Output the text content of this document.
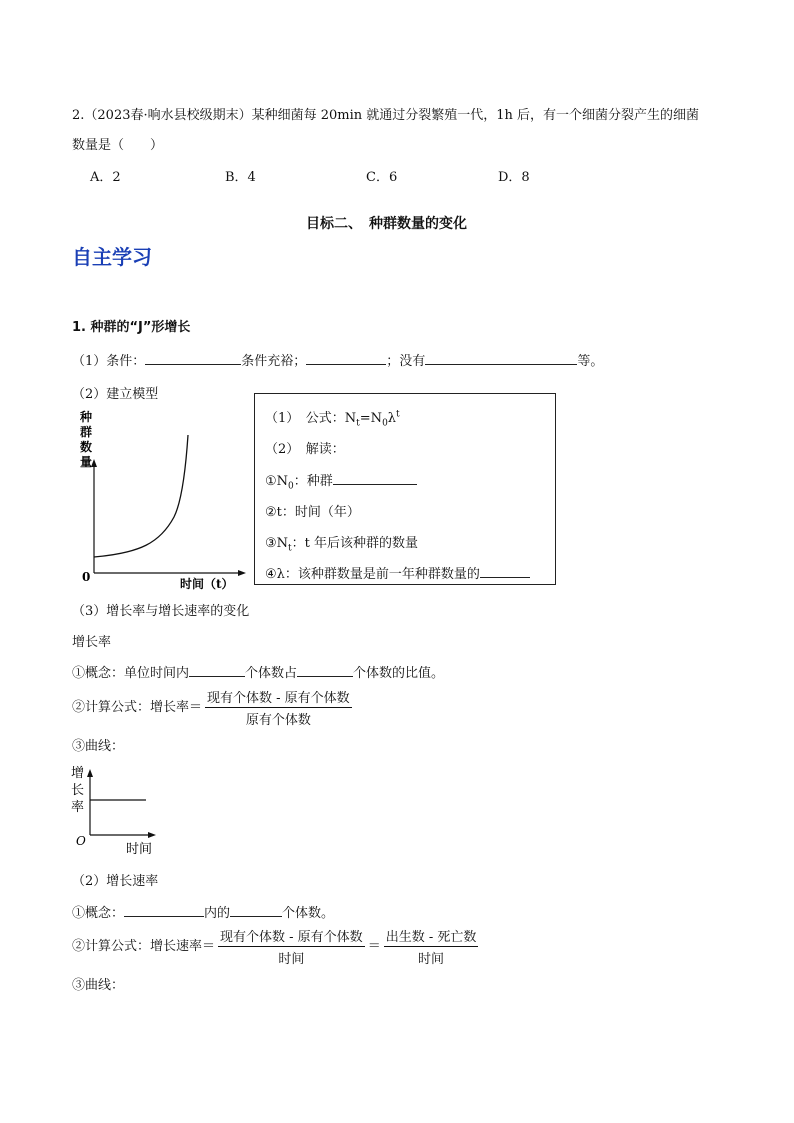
2.（2023春·响水县校级期末）某种细菌每 20min 就通过分裂繁殖一代，1h 后，有一个细菌分裂产生的细菌
数量是（　　）
A．2	B．4	C．6	D．8
目标二、　种群数量的变化
自主学习
1. 种群的“J”形增长
（1）条件：	条件充裕；	；没有	等。
（2）建立模型
种
群
数
量
0	时间（t）
（1）　公式：$N_t=N_0\lambda^t$
（2）　解读：
$①N_0$：种群
②t：时间（年）
$③N_t$：t 年后该种群的数量
④λ：该种群数量是前一年种群数量的
（3）增长率与增长速率的变化
增长率
①概念：单位时间内	个体数占	个体数的比值。
②计算公式：增长率＝ $\frac{\text{现有个体数 - 原有个体数}}{\text{原有个体数}}$
③曲线：
增
长
率
O
时间
（2）增长速率
①概念：	内的	个体数。
②计算公式：增长速率＝ $\frac{\text{现有个体数 - 原有个体数}}{\text{时间}} = \frac{\text{出生数 - 死亡数}}{\text{时间}}$
③曲线：
